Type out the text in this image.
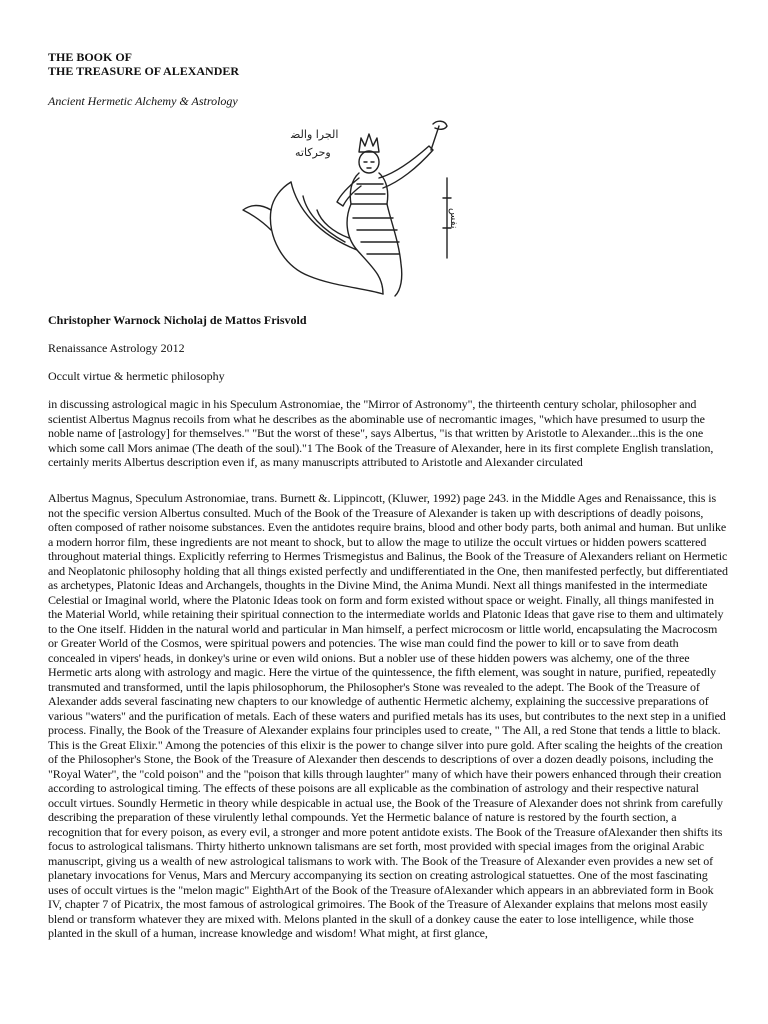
THE BOOK OF
THE TREASURE OF ALEXANDER
Ancient Hermetic Alchemy & Astrology
ﺍﻟﺠﺮﺍ ﻭﺍﻟﻀ
ﻭﺣﺮﻛﺎﺗﻪ
ﻧﻔﺲ
Christopher Warnock Nicholaj de Mattos Frisvold
Renaissance Astrology 2012
Occult virtue & hermetic philosophy
in discussing astrological magic in his Speculum Astronomiae, the "Mirror of Astronomy", the thirteenth century scholar, philosopher and scientist Albertus Magnus recoils from what he describes as the abominable use of necromantic images, "which have presumed to usurp the noble name of [astrology] for themselves." "But the worst of these", says Albertus, "is that written by Aristotle to Alexander...this is the one which some call Mors animae (The death of the soul)."1 The Book of the Treasure of Alexander, here in its first complete English translation, certainly merits Albertus description even if, as many manuscripts attributed to Aristotle and Alexander circulated
Albertus Magnus, Speculum Astronomiae, trans. Burnett &. Lippincott, (Kluwer, 1992) page 243. in the Middle Ages and Renaissance, this is not the specific version Albertus consulted. Much of the Book of the Treasure of Alexander is taken up with descriptions of deadly poisons, often composed of rather noisome substances. Even the antidotes require brains, blood and other body parts, both animal and human. But unlike a modern horror film, these ingredients are not meant to shock, but to allow the mage to utilize the occult virtues or hidden powers scattered throughout material things. Explicitly referring to Hermes Trismegistus and Balinus, the Book of the Treasure of Alexanders reliant on Hermetic and Neoplatonic philosophy holding that all things existed perfectly and undifferentiated in the One, then manifested perfectly, but differentiated as archetypes, Platonic Ideas and Archangels, thoughts in the Divine Mind, the Anima Mundi. Next all things manifested in the intermediate Celestial or Imaginal world, where the Platonic Ideas took on form and form existed without space or weight. Finally, all things manifested in the Material World, while retaining their spiritual connection to the intermediate worlds and Platonic Ideas that gave rise to them and ultimately to the One itself. Hidden in the natural world and particular in Man himself, a perfect microcosm or little world, encapsulating the Macrocosm or Greater World of the Cosmos, were spiritual powers and potencies. The wise man could find the power to kill or to save from death concealed in vipers' heads, in donkey's urine or even wild onions. But a nobler use of these hidden powers was alchemy, one of the three Hermetic arts along with astrology and magic. Here the virtue of the quintessence, the fifth element, was sought in nature, purified, repeatedly transmuted and transformed, until the lapis philosophorum, the Philosopher's Stone was revealed to the adept. The Book of the Treasure of Alexander adds several fascinating new chapters to our knowledge of authentic Hermetic alchemy, explaining the successive preparations of various "waters" and the purification of metals. Each of these waters and purified metals has its uses, but contributes to the next step in a unified process. Finally, the Book of the Treasure of Alexander explains four principles used to create, " The All, a red Stone that tends a little to black. This is the Great Elixir." Among the potencies of this elixir is the power to change silver into pure gold. After scaling the heights of the creation of the Philosopher's Stone, the Book of the Treasure of Alexander then descends to descriptions of over a dozen deadly poisons, including the "Royal Water", the "cold poison" and the "poison that kills through laughter" many of which have their powers enhanced through their creation according to astrological timing. The effects of these poisons are all explicable as the combination of astrology and their respective natural occult virtues. Soundly Hermetic in theory while despicable in actual use, the Book of the Treasure of Alexander does not shrink from carefully describing the preparation of these virulently lethal compounds. Yet the Hermetic balance of nature is restored by the fourth section, a recognition that for every poison, as every evil, a stronger and more potent antidote exists. The Book of the Treasure ofAlexander then shifts its focus to astrological talismans. Thirty hitherto unknown talismans are set forth, most provided with special images from the original Arabic manuscript, giving us a wealth of new astrological talismans to work with. The Book of the Treasure of Alexander even provides a new set of planetary invocations for Venus, Mars and Mercury accompanying its section on creating astrological statuettes. One of the most fascinating uses of occult virtues is the "melon magic" EighthArt of the Book of the Treasure ofAlexander which appears in an abbreviated form in Book IV, chapter 7 of Picatrix, the most famous of astrological grimoires. The Book of the Treasure of Alexander explains that melons most easily blend or transform whatever they are mixed with. Melons planted in the skull of a donkey cause the eater to lose intelligence, while those planted in the skull of a human, increase knowledge and wisdom! What might, at first glance,
